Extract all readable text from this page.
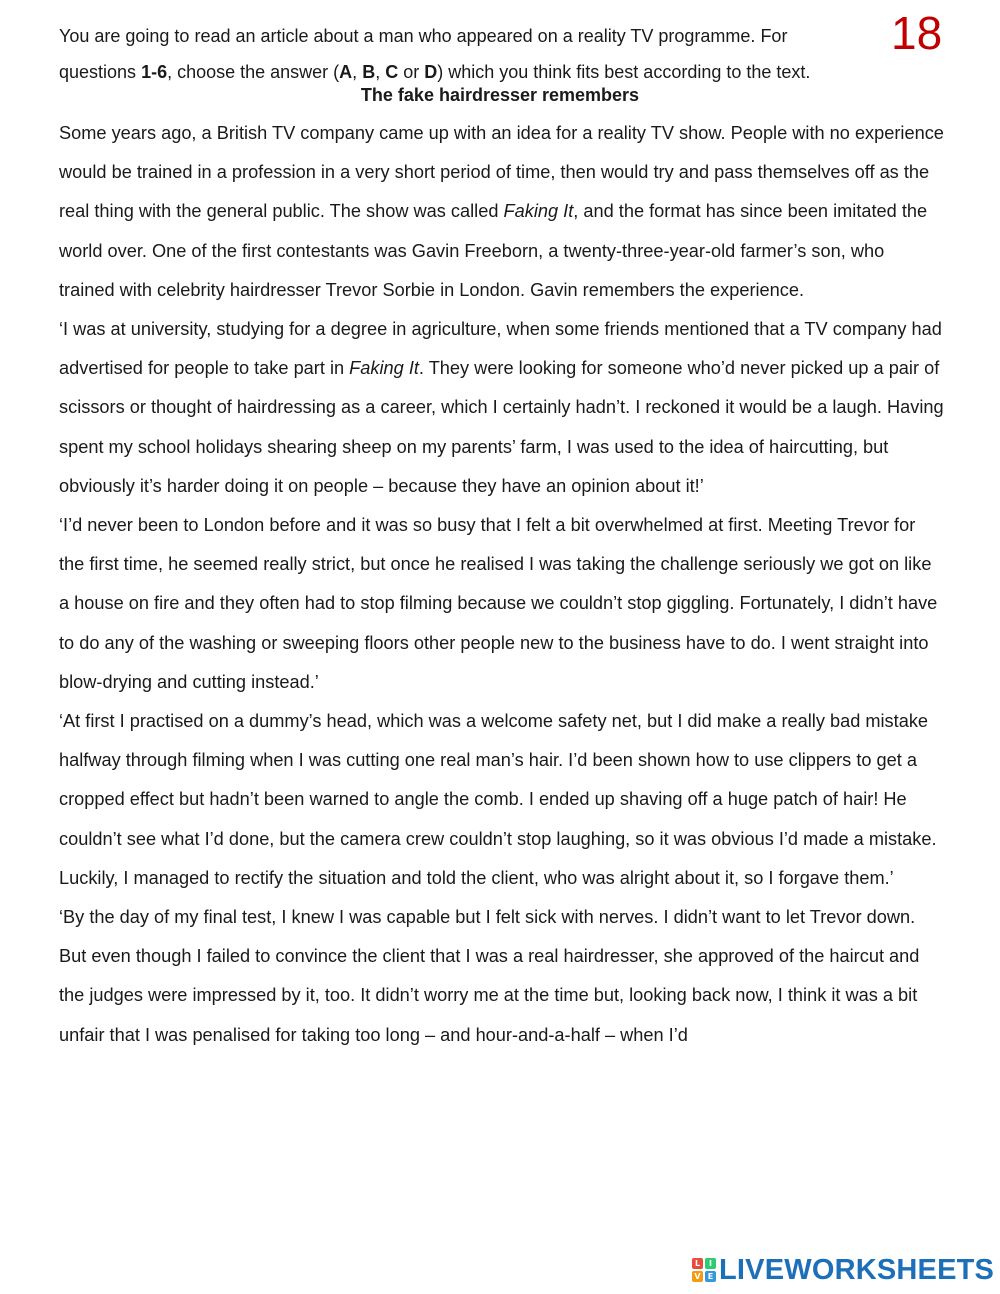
18

You are going to read an article about a man who appeared on a reality TV programme. For

questions 1-6, choose the answer (A, B, C or D) which you think fits best according to the text.

The fake hairdresser remembers

Some years ago, a British TV company came up with an idea for a reality TV show. People with no experience would be trained in a profession in a very short period of time, then would try and pass themselves off as the real thing with the general public. The show was called Faking It, and the format has since been imitated the world over. One of the first contestants was Gavin Freeborn, a twenty-three-year-old farmer’s son, who trained with celebrity hairdresser Trevor Sorbie in London. Gavin remembers the experience.

‘I was at university, studying for a degree in agriculture, when some friends mentioned that a TV company had advertised for people to take part in Faking It. They were looking for someone who’d never picked up a pair of scissors or thought of hairdressing as a career, which I certainly hadn’t. I reckoned it would be a laugh. Having spent my school holidays shearing sheep on my parents’ farm, I was used to the idea of haircutting, but obviously it’s harder doing it on people – because they have an opinion about it!’

‘I’d never been to London before and it was so busy that I felt a bit overwhelmed at first. Meeting Trevor for the first time, he seemed really strict, but once he realised I was taking the challenge seriously we got on like a house on fire and they often had to stop filming because we couldn’t stop giggling. Fortunately, I didn’t have to do any of the washing or sweeping floors other people new to the business have to do. I went straight into blow-drying and cutting instead.’

‘At first I practised on a dummy’s head, which was a welcome safety net, but I did make a really bad mistake halfway through filming when I was cutting one real man’s hair. I’d been shown how to use clippers to get a cropped effect but hadn’t been warned to angle the comb. I ended up shaving off a huge patch of hair! He couldn’t see what I’d done, but the camera crew couldn’t stop laughing, so it was obvious I’d made a mistake. Luckily, I managed to rectify the situation and told the client, who was alright about it, so I forgave them.’

‘By the day of my final test, I knew I was capable but I felt sick with nerves. I didn’t want to let Trevor down. But even though I failed to convince the client that I was a real hairdresser, she approved of the haircut and the judges were impressed by it, too. It didn’t worry me at the time but, looking back now, I think it was a bit unfair that I was penalised for taking too long – and hour-and-a-half – when I’d

L	I
V E LIVEWORKSHEETS
